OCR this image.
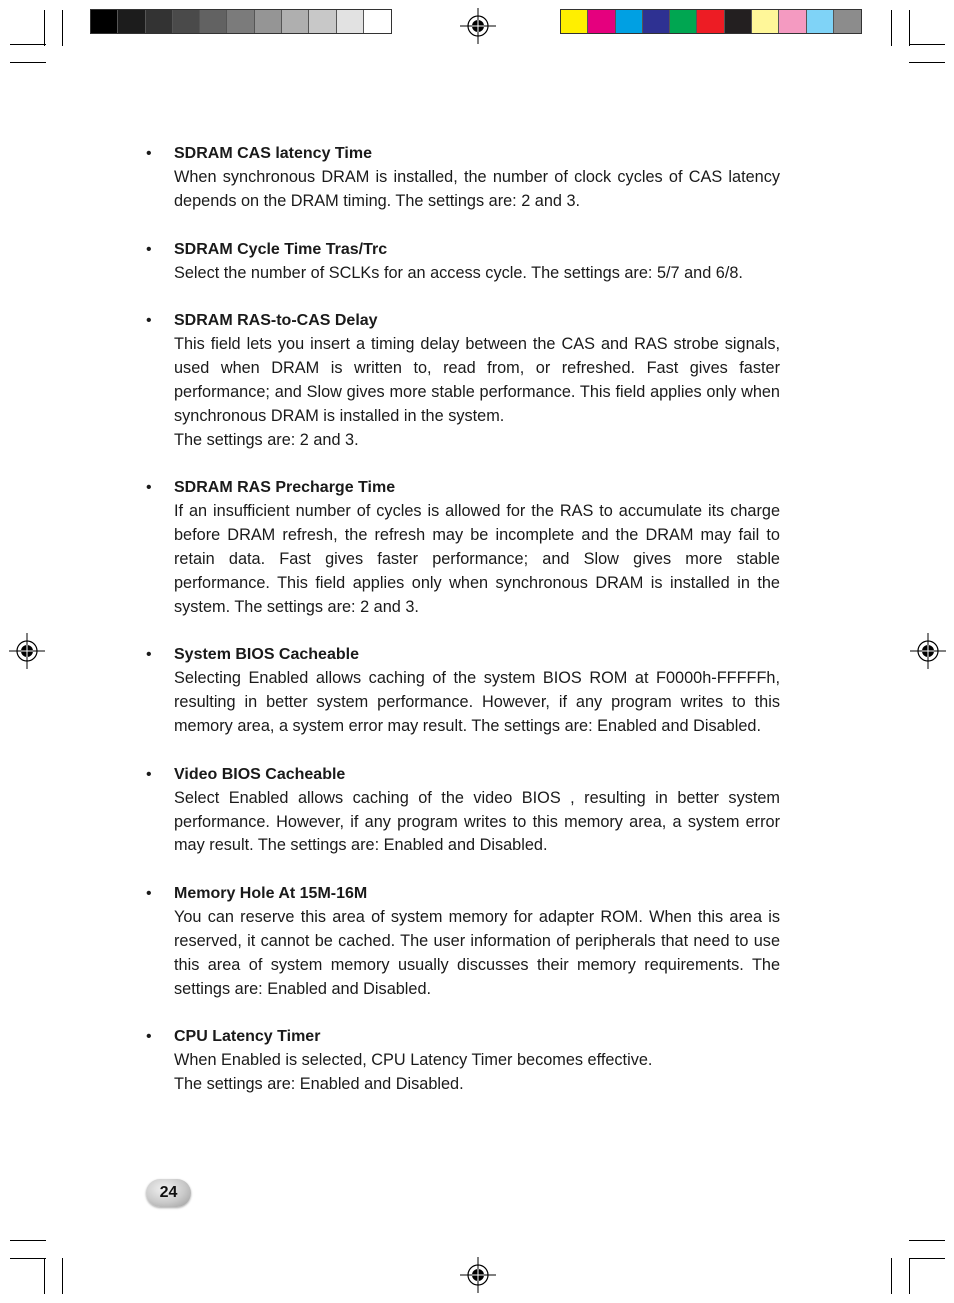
• SDRAM CAS latency Time

When synchronous DRAM is installed, the number of clock cycles of CAS latency depends on the DRAM timing. The settings are: 2 and 3.

• SDRAM Cycle Time Tras/Trc

Select the number of SCLKs for an access cycle. The settings are: 5/7 and 6/8.

• SDRAM RAS-to-CAS Delay

This field lets you insert a timing delay between the CAS and RAS strobe signals, used when DRAM is written to, read from, or refreshed. Fast gives faster performance; and Slow gives more stable performance. This field applies only when synchronous DRAM is installed in the system.

The settings are: 2 and 3.

• SDRAM RAS Precharge Time

If an insufficient number of cycles is allowed for the RAS to accumulate its charge before DRAM refresh, the refresh may be incomplete and the DRAM may fail to retain data. Fast gives faster performance; and Slow gives more stable performance. This field applies only when synchronous DRAM is installed in the system. The settings are: 2 and 3.

• System BIOS Cacheable

Selecting Enabled allows caching of the system BIOS ROM at F0000h-FFFFFh, resulting in better system performance. However, if any program writes to this memory area, a system error may result. The settings are: Enabled and Disabled.

• Video BIOS Cacheable

Select Enabled allows caching of the video BIOS , resulting in better system performance. However, if any program writes to this memory area, a system error may result. The settings are: Enabled and Disabled.

• Memory Hole At 15M-16M

You can reserve this area of system memory for adapter ROM. When this area is reserved, it cannot be cached. The user information of peripherals that need to use this area of system memory usually discusses their memory requirements. The settings are: Enabled and Disabled.

• CPU Latency Timer

When Enabled is selected, CPU Latency Timer becomes effective.

The settings are: Enabled and Disabled.

24
